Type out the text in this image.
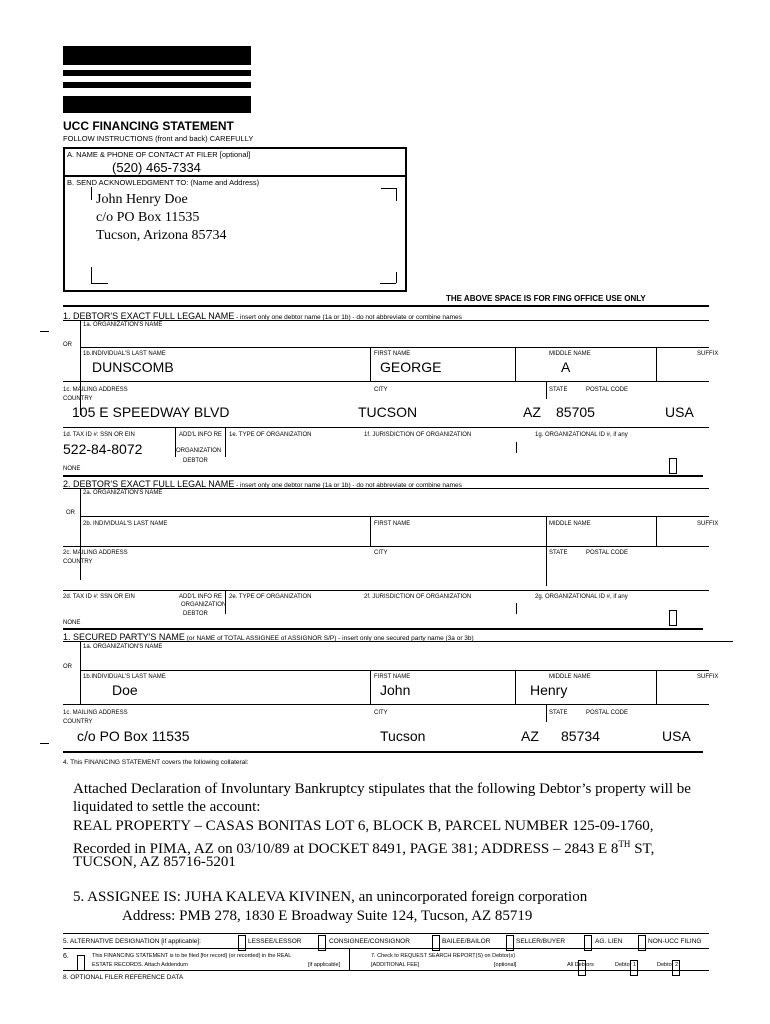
UCC FINANCING STATEMENT
FOLLOW INSTRUCTIONS (front and back) CAREFULLY
A. NAME & PHONE OF CONTACT AT FILER [optional]
(520) 465-7334
B. SEND ACKNOWLEDGMENT TO: (Name and Address)
John Henry Doe
c/o PO Box 11535
Tucson, Arizona 85734
THE ABOVE SPACE IS FOR FING OFFICE USE ONLY
1. DEBTOR'S EXACT FULL LEGAL NAME - insert only one debtor name (1a or 1b) - do not abbreviate or combine names
1a. ORGANIZATION'S NAME
OR
1b.INDIVIDUAL'S LAST NAME	FIRST NAME	MIDDLE NAME	SUFFIX
DUNSCOMB	GEORGE	A
1c. MAILING ADDRESS
COUNTRY
CITY	STATE	POSTAL CODE
105 E SPEEDWAY BLVD	TUCSON	AZ 85705	USA
1d. TAX ID #: SSN OR EIN	ADD'L INFO RE 1e. TYPE OF ORGANIZATION	1f. JURISDICTION OF ORGANIZATION	1g. ORGANIZATIONAL ID #, if any
522-84-8072	ORGANIZATION
DEBTOR
NONE
2. DEBTOR'S EXACT FULL LEGAL NAME - insert only one debtor name (1a or 1b) - do not abbreviate or combine names
2a. ORGANIZATION'S NAME
OR
2b. INDIVIDUAL'S LAST NAME	FIRST NAME	MIDDLE NAME	SUFFIX
2c. MAILING ADDRESS
COUNTRY
CITY	STATE	POSTAL CODE
2d. TAX ID #: SSN OR EIN	ADD'L INFO RE 2e. TYPE OF ORGANIZATION	2f. JURISDICTION OF ORGANIZATION	2g. ORGANIZATIONAL ID #, if any
ORGANIZATION
DEBTOR
NONE
1. SECURED PARTY'S NAME (or NAME of TOTAL ASSIGNEE of ASSIGNOR S/P) - insert only one secured party name (3a or 3b)
1a. ORGANIZATION'S NAME
OR
1b.INDIVIDUAL'S LAST NAME	FIRST NAME	MIDDLE NAME	SUFFIX
Doe	John	Henry
1c. MAILING ADDRESS
COUNTRY
CITY	STATE	POSTAL CODE
c/o PO Box 11535	Tucson	AZ 85734	USA
4. This FINANCING STATEMENT covers the following collateral:
Attached Declaration of Involuntary Bankruptcy stipulates that the following Debtor’s property will be
liquidated to settle the account:
REAL PROPERTY – CASAS BONITAS LOT 6, BLOCK B, PARCEL NUMBER 125-09-1760,
Recorded in PIMA, AZ on 03/10/89 at DOCKET 8491, PAGE 381; ADDRESS – 2843 E 8TH ST,
TUCSON, AZ 85716-5201
5. ASSIGNEE IS: JUHA KALEVA KIVINEN, an unincorporated foreign corporation
Address: PMB 278, 1830 E Broadway Suite 124, Tucson, AZ 85719
5. ALTERNATIVE DESIGNATION [if applicable]:	LESSEE/LESSOR	CONSIGNEE/CONSIGNOR	BAILEE/BAILOR	SELLER/BUYER	AG. LIEN	NON-UCC FILING
6.	This FINANCING STATEMENT is to be filed [for record] (or recorded) in the REAL
ESTATE RECORDS. Attach Addendum	[if applicable]
7. Check to REQUEST SEARCH REPORT(S) on Debtor(s)
[ADDITIONAL FEE]	[optional]	All Debtors	Debtor 1	Debtor 2
8. OPTIONAL FILER REFERENCE DATA
